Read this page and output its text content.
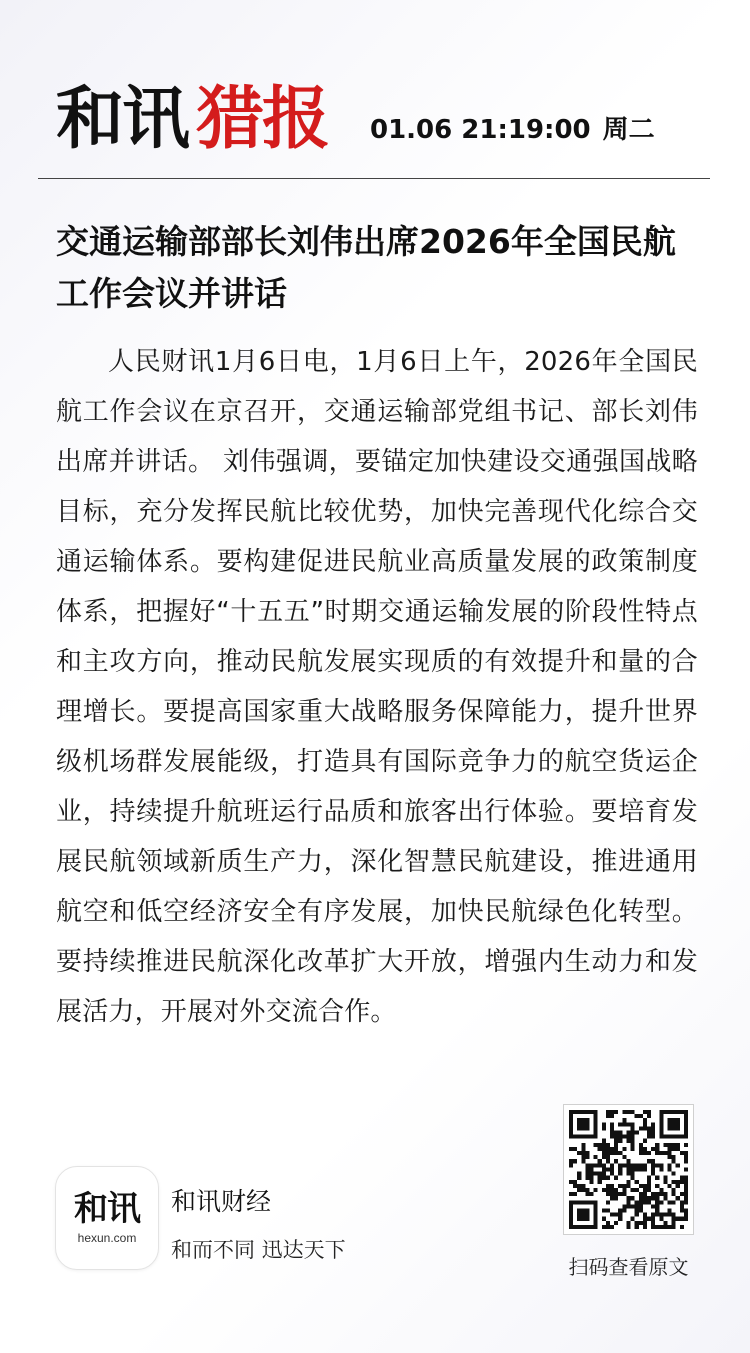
和讯 猎报 01.06 21:19:00 周二
交通运输部部长刘伟出席2026年全国民航工作会议并讲话

人民财讯1月6日电，1月6日上午，2026年全国民航工作会议在京召开，交通运输部党组书记、部长刘伟出席并讲话。 刘伟强调，要锚定加快建设交通强国战略目标，充分发挥民航比较优势，加快完善现代化综合交通运输体系。要构建促进民航业高质量发展的政策制度体系，把握好“十五五”时期交通运输发展的阶段性特点和主攻方向，推动民航发展实现质的有效提升和量的合理增长。要提高国家重大战略服务保障能力，提升世界级机场群发展能级，打造具有国际竞争力的航空货运企业，持续提升航班运行品质和旅客出行体验。要培育发展民航领域新质生产力，深化智慧民航建设，推进通用航空和低空经济安全有序发展，加快民航绿色化转型。要持续推进民航深化改革扩大开放，增强内生动力和发展活力，开展对外交流合作。

和讯
hexun.com
和讯财经
和而不同 迅达天下
扫码查看原文
